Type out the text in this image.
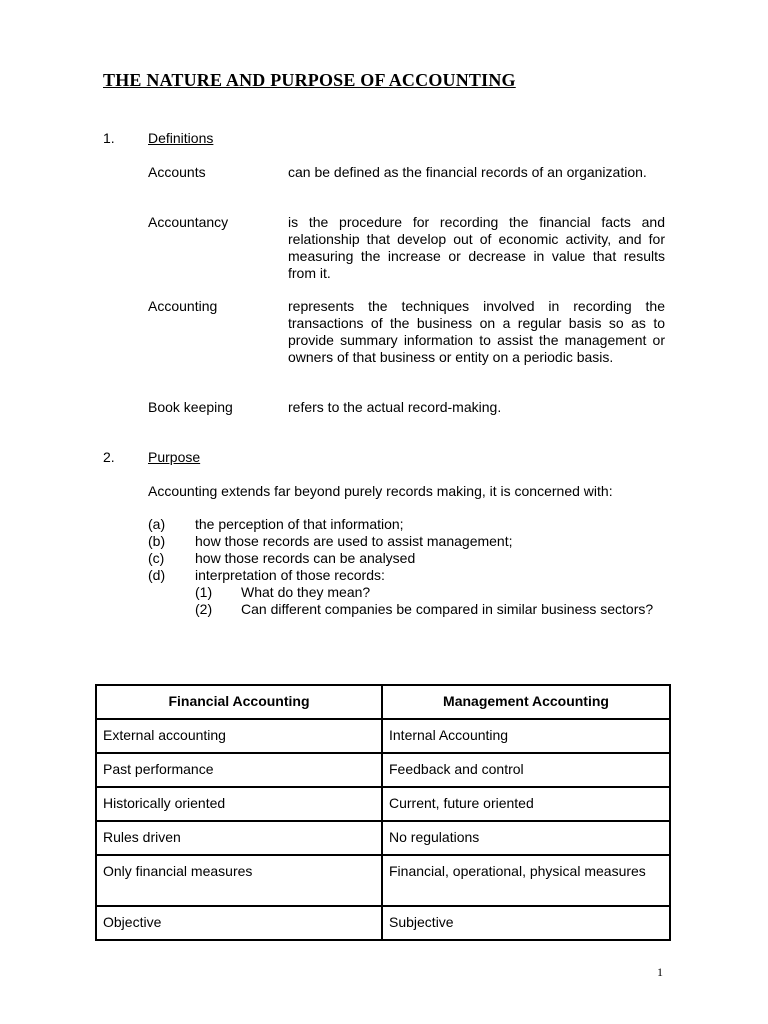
THE NATURE AND PURPOSE OF ACCOUNTING
1. Definitions
Accounts	can be defined as the financial records of an organization.
Accountancy	is the procedure for recording the financial facts and relationship that develop out of economic activity, and for measuring the increase or decrease in value that results from it.
Accounting	represents the techniques involved in recording the transactions of the business on a regular basis so as to provide summary information to assist the management or owners of that business or entity on a periodic basis.
Book keeping	refers to the actual record-making.
2. Purpose
Accounting extends far beyond purely records making, it is concerned with:
(a) the perception of that information;
(b) how those records are used to assist management;
(c) how those records can be analysed
(d) interpretation of those records:
(1) What do they mean?
(2) Can different companies be compared in similar business sectors?
Financial Accounting	Management Accounting
External accounting	Internal Accounting
Past performance	Feedback and control
Historically oriented	Current, future oriented
Rules driven	No regulations
Only financial measures	Financial, operational, physical measures
Objective	Subjective
1
